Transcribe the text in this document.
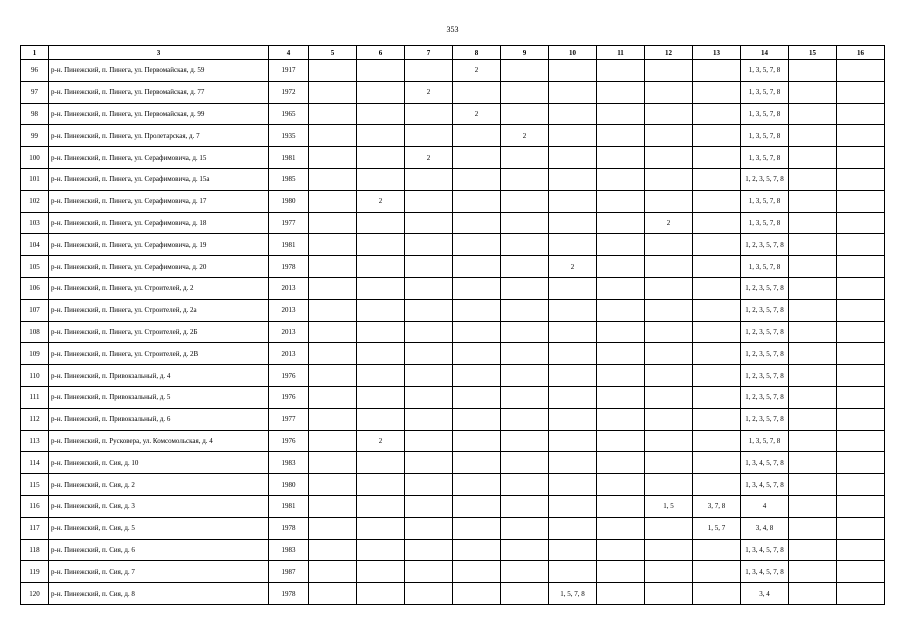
353
1	3	4	5	6	7	8	9	10	11	12	13	14	15	16
96	р-н. Пинежский, п. Пинега, ул. Первомайская, д. 59	1917				2						1, 3, 5, 7, 8		
97	р-н. Пинежский, п. Пинега, ул. Первомайская, д. 77	1972			2							1, 3, 5, 7, 8		
98	р-н. Пинежский, п. Пинега, ул. Первомайская, д. 99	1965				2						1, 3, 5, 7, 8		
99	р-н. Пинежский, п. Пинега, ул. Пролетарская, д. 7	1935					2					1, 3, 5, 7, 8		
100	р-н. Пинежский, п. Пинега, ул. Серафимовича, д. 15	1981			2							1, 3, 5, 7, 8		
101	р-н. Пинежский, п. Пинега, ул. Серафимовича, д. 15а	1985										1, 2, 3, 5, 7, 8		
102	р-н. Пинежский, п. Пинега, ул. Серафимовича, д. 17	1980		2								1, 3, 5, 7, 8		
103	р-н. Пинежский, п. Пинега, ул. Серафимовича, д. 18	1977								2		1, 3, 5, 7, 8		
104	р-н. Пинежский, п. Пинега, ул. Серафимовича, д. 19	1981										1, 2, 3, 5, 7, 8		
105	р-н. Пинежский, п. Пинега, ул. Серафимовича, д. 20	1978						2				1, 3, 5, 7, 8		
106	р-н. Пинежский, п. Пинега, ул. Строителей, д. 2	2013										1, 2, 3, 5, 7, 8		
107	р-н. Пинежский, п. Пинега, ул. Строителей, д. 2а	2013										1, 2, 3, 5, 7, 8		
108	р-н. Пинежский, п. Пинега, ул. Строителей, д. 2Б	2013										1, 2, 3, 5, 7, 8		
109	р-н. Пинежский, п. Пинега, ул. Строителей, д. 2В	2013										1, 2, 3, 5, 7, 8		
110	р-н. Пинежский, п. Привокзальный, д. 4	1976										1, 2, 3, 5, 7, 8		
111	р-н. Пинежский, п. Привокзальный, д. 5	1976										1, 2, 3, 5, 7, 8		
112	р-н. Пинежский, п. Привокзальный, д. 6	1977										1, 2, 3, 5, 7, 8		
113	р-н. Пинежский, п. Русковера, ул. Комсомольская, д. 4	1976		2								1, 3, 5, 7, 8		
114	р-н. Пинежский, п. Сия, д. 10	1983										1, 3, 4, 5, 7, 8		
115	р-н. Пинежский, п. Сия, д. 2	1980										1, 3, 4, 5, 7, 8		
116	р-н. Пинежский, п. Сия, д. 3	1981								1, 5	3, 7, 8	4		
117	р-н. Пинежский, п. Сия, д. 5	1978									1, 5, 7	3, 4, 8		
118	р-н. Пинежский, п. Сия, д. 6	1983										1, 3, 4, 5, 7, 8		
119	р-н. Пинежский, п. Сия, д. 7	1987										1, 3, 4, 5, 7, 8		
120	р-н. Пинежский, п. Сия, д. 8	1978						1, 5, 7, 8				3, 4		
